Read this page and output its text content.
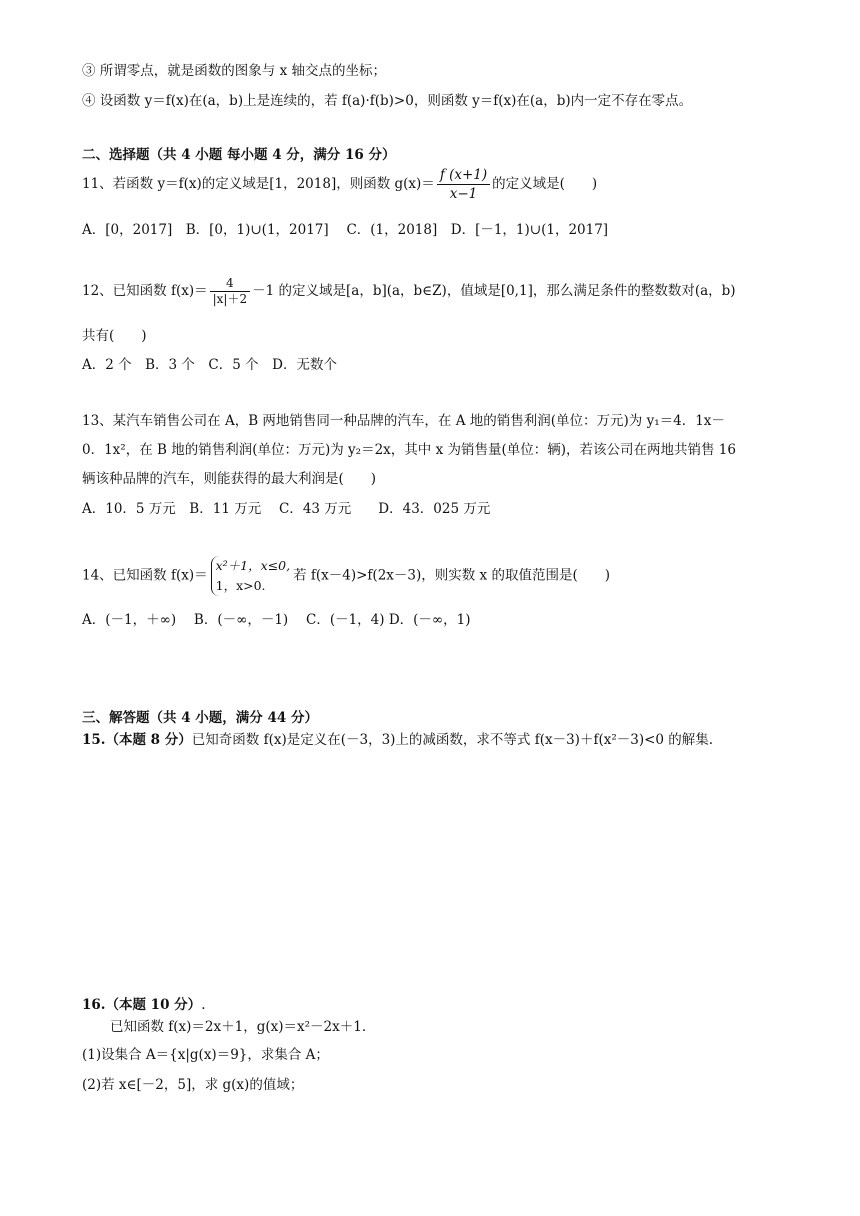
③ 所谓零点，就是函数的图象与 x 轴交点的坐标；
④ 设函数 y＝f(x)在(a，b)上是连续的，若 f(a)·f(b)>0，则函数 y＝f(x)在(a，b)内一定不存在零点。
二、选择题（共 4 小题 每小题 4 分，满分 16 分）
11、若函数 y＝f(x)的定义域是[1，2018]，则函数 $g(x)= \frac{f (x+1)}{x-1}$ 的定义域是(　　)
A．[0，2017]　B．[0，1)∪(1，2017]　 C．(1，2018]　D．[－1，1)∪(1，2017]
12、已知函数 $f(x)= \frac{4}{|x|+2} -1$ 的定义域是[a，b](a，b∈Z)，值域是[0,1]，那么满足条件的整数数对(a，b)
共有(　　)
A．2 个　B．3 个　C．5 个　D．无数个
13、某汽车销售公司在 A，B 两地销售同一种品牌的汽车，在 A 地的销售利润(单位：万元)为 y₁＝4．1x－
0．1x²，在 B 地的销售利润(单位：万元)为 y₂＝2x，其中 x 为销售量(单位：辆)，若该公司在两地共销售 16
辆该种品牌的汽车，则能获得的最大利润是(　　)
A．10．5 万元　B．11 万元　 C．43 万元　　D．43．025 万元
14、已知函数 f(x)＝
x²＋1，x≤0,
1，x>0.
若 f(x－4)>f(2x－3)，则实数 x 的取值范围是(　　)
A．(－1，＋∞)　 B．(－∞，－1)　 C．(－1，4) D．(－∞，1)
三、解答题（共 4 小题，满分 44 分）
15.（本题 8 分）已知奇函数 f(x)是定义在(－3，3)上的减函数，求不等式 f(x－3)＋f(x²－3)<0 的解集.
16.（本题 10 分）.
已知函数 f(x)＝2x＋1，g(x)＝x²－2x＋1.
(1)设集合 A＝{x|g(x)＝9}，求集合 A；
(2)若 x∈[－2，5]，求 g(x)的值域；
